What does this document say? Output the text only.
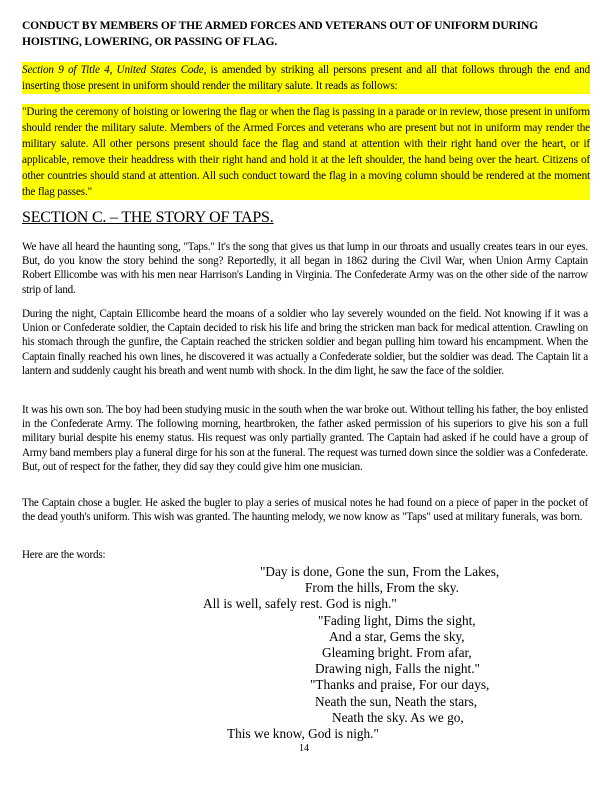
CONDUCT BY MEMBERS OF THE ARMED FORCES AND VETERANS OUT OF UNIFORM DURING HOISTING, LOWERING, OR PASSING OF FLAG.
Section 9 of Title 4, United States Code, is amended by striking all persons present and all that follows through the end and inserting those present in uniform should render the military salute. It reads as follows:
"During the ceremony of hoisting or lowering the flag or when the flag is passing in a parade or in review, those present in uniform should render the military salute. Members of the Armed Forces and veterans who are present but not in uniform may render the military salute. All other persons present should face the flag and stand at attention with their right hand over the heart, or if applicable, remove their headdress with their right hand and hold it at the left shoulder, the hand being over the heart. Citizens of other countries should stand at attention. All such conduct toward the flag in a moving column should be rendered at the moment the flag passes."
SECTION C. – THE STORY OF TAPS.
We have all heard the haunting song, "Taps." It's the song that gives us that lump in our throats and usually creates tears in our eyes. But, do you know the story behind the song? Reportedly, it all began in 1862 during the Civil War, when Union Army Captain Robert Ellicombe was with his men near Harrison's Landing in Virginia. The Confederate Army was on the other side of the narrow strip of land.
During the night, Captain Ellicombe heard the moans of a soldier who lay severely wounded on the field. Not knowing if it was a Union or Confederate soldier, the Captain decided to risk his life and bring the stricken man back for medical attention. Crawling on his stomach through the gunfire, the Captain reached the stricken soldier and began pulling him toward his encampment. When the Captain finally reached his own lines, he discovered it was actually a Confederate soldier, but the soldier was dead. The Captain lit a lantern and suddenly caught his breath and went numb with shock. In the dim light, he saw the face of the soldier.
It was his own son. The boy had been studying music in the south when the war broke out. Without telling his father, the boy enlisted in the Confederate Army. The following morning, heartbroken, the father asked permission of his superiors to give his son a full military burial despite his enemy status. His request was only partially granted. The Captain had asked if he could have a group of Army band members play a funeral dirge for his son at the funeral. The request was turned down since the soldier was a Confederate. But, out of respect for the father, they did say they could give him one musician.
The Captain chose a bugler. He asked the bugler to play a series of musical notes he had found on a piece of paper in the pocket of the dead youth's uniform. This wish was granted. The haunting melody, we now know as "Taps" used at military funerals, was born.
Here are the words:
"Day is done, Gone the sun, From the Lakes,
From the hills, From the sky.
All is well, safely rest. God is nigh."
"Fading light, Dims the sight,
And a star, Gems the sky,
Gleaming bright. From afar,
Drawing nigh, Falls the night."
"Thanks and praise, For our days,
Neath the sun, Neath the stars,
Neath the sky. As we go,
This we know, God is nigh."
14
